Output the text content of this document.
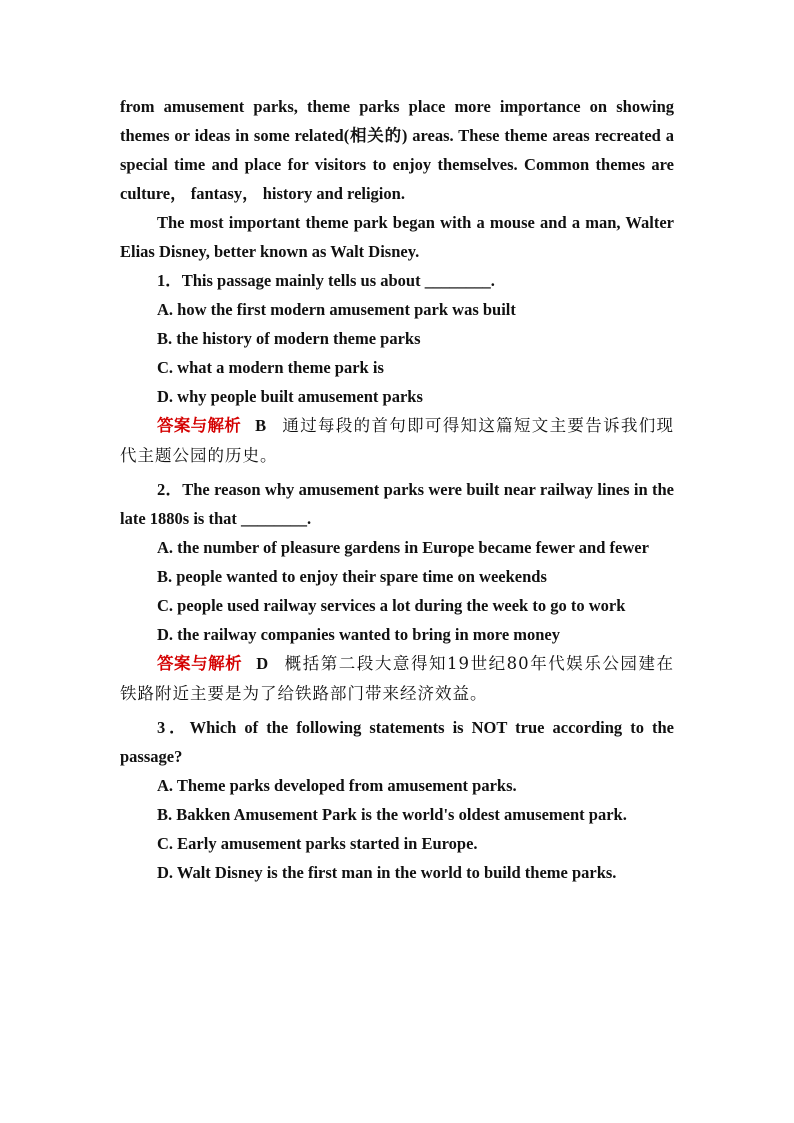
from amusement parks, theme parks place more importance on showing themes or ideas in some related(相关的) areas. These theme areas recreated a special time and place for visitors to enjoy themselves. Common themes are culture， fantasy， history and religion.

The most important theme park began with a mouse and a man, Walter Elias Disney, better known as Walt Disney.

1．This passage mainly tells us about ________.

A. how the first modern amusement park was built

B. the history of modern theme parks

C. what a modern theme park is

D. why people built amusement parks

答案与解析 B 通过每段的首句即可得知这篇短文主要告诉我们现代主题公园的历史。

2．The reason why amusement parks were built near railway lines in the late 1880s is that ________.

A. the number of pleasure gardens in Europe became fewer and fewer

B. people wanted to enjoy their spare time on weekends

C. people used railway services a lot during the week to go to work

D. the railway companies wanted to bring in more money

答案与解析 D 概括第二段大意得知19世纪80年代娱乐公园建在铁路附近主要是为了给铁路部门带来经济效益。

3．Which of the following statements is NOT true according to the passage?

A. Theme parks developed from amusement parks.

B. Bakken Amusement Park is the world's oldest amusement park.

C. Early amusement parks started in Europe.

D. Walt Disney is the first man in the world to build theme parks.
